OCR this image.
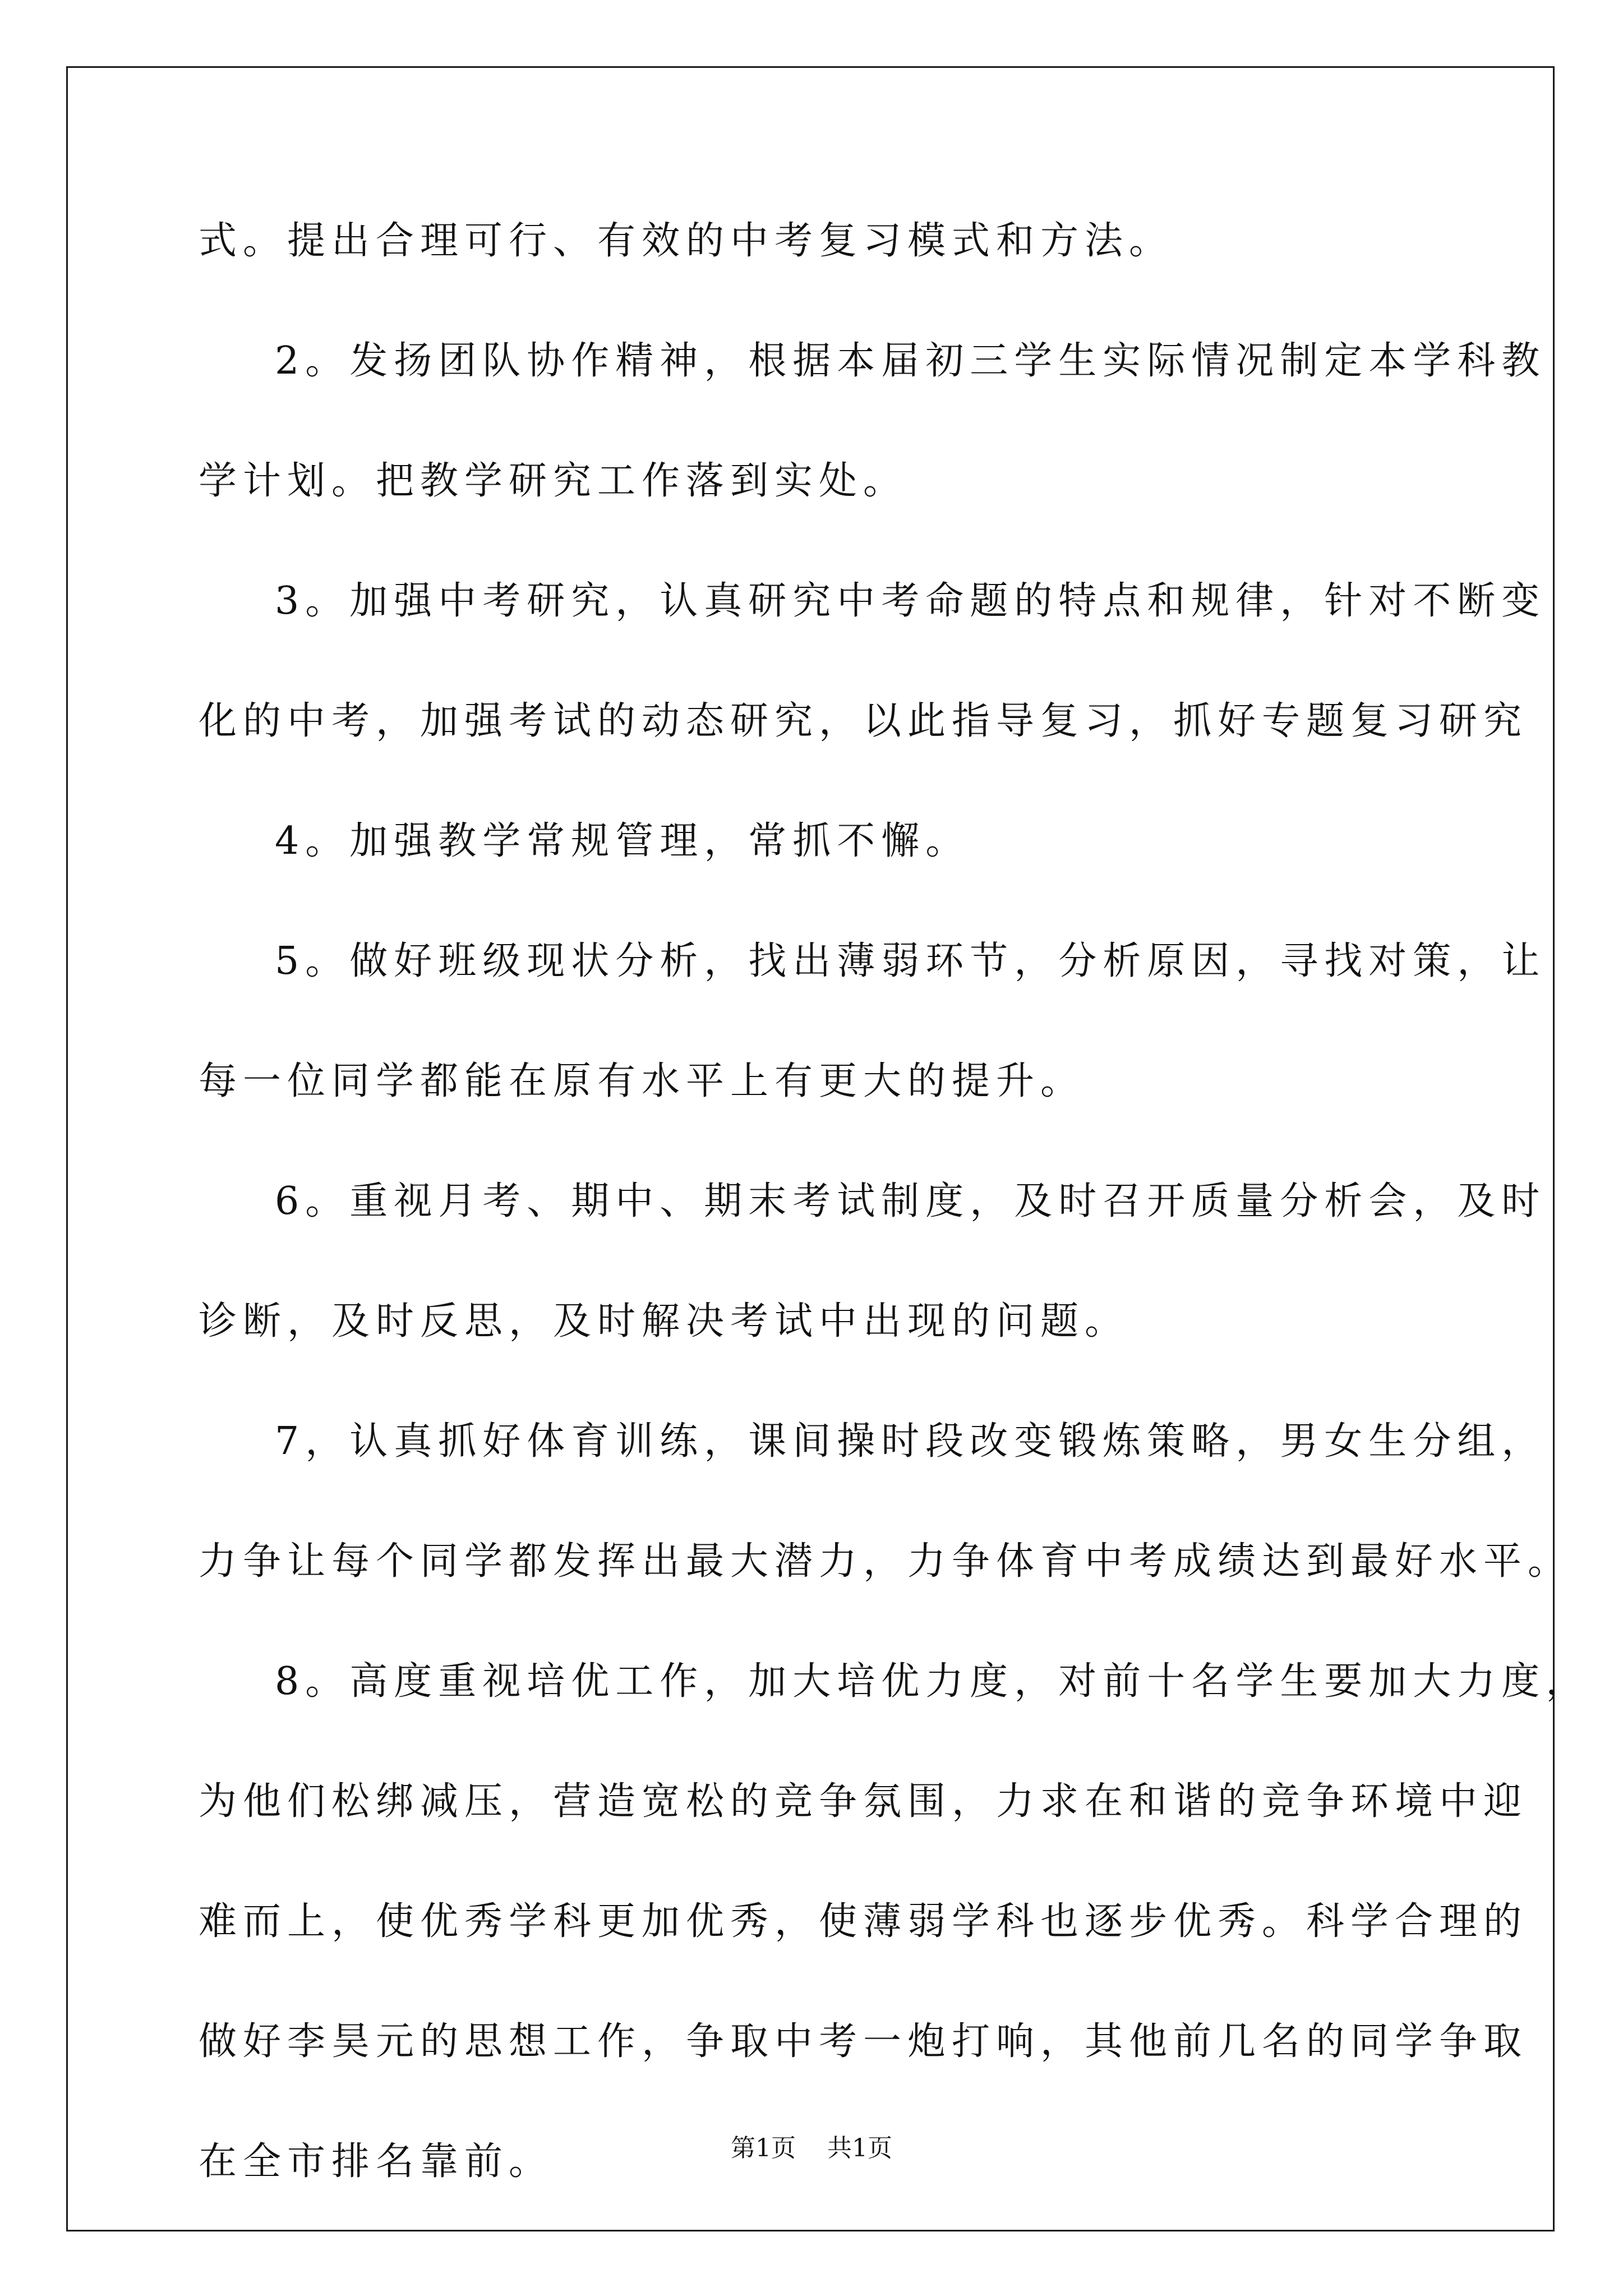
式。提出合理可行、有效的中考复习模式和方法。
2。发扬团队协作精神，根据本届初三学生实际情况制定本学科教
学计划。把教学研究工作落到实处。
3。加强中考研究，认真研究中考命题的特点和规律，针对不断变
化的中考，加强考试的动态研究，以此指导复习，抓好专题复习研究
4。加强教学常规管理，常抓不懈。
5。做好班级现状分析，找出薄弱环节，分析原因，寻找对策，让
每一位同学都能在原有水平上有更大的提升。
6。重视月考、期中、期末考试制度，及时召开质量分析会，及时
诊断，及时反思，及时解决考试中出现的问题。
7，认真抓好体育训练，课间操时段改变锻炼策略，男女生分组，
力争让每个同学都发挥出最大潜力，力争体育中考成绩达到最好水平。
8。高度重视培优工作，加大培优力度，对前十名学生要加大力度，
为他们松绑减压，营造宽松的竞争氛围，力求在和谐的竞争环境中迎
难而上，使优秀学科更加优秀，使薄弱学科也逐步优秀。科学合理的
做好李昊元的思想工作，争取中考一炮打响，其他前几名的同学争取
在全市排名靠前。	第1页 共1页
